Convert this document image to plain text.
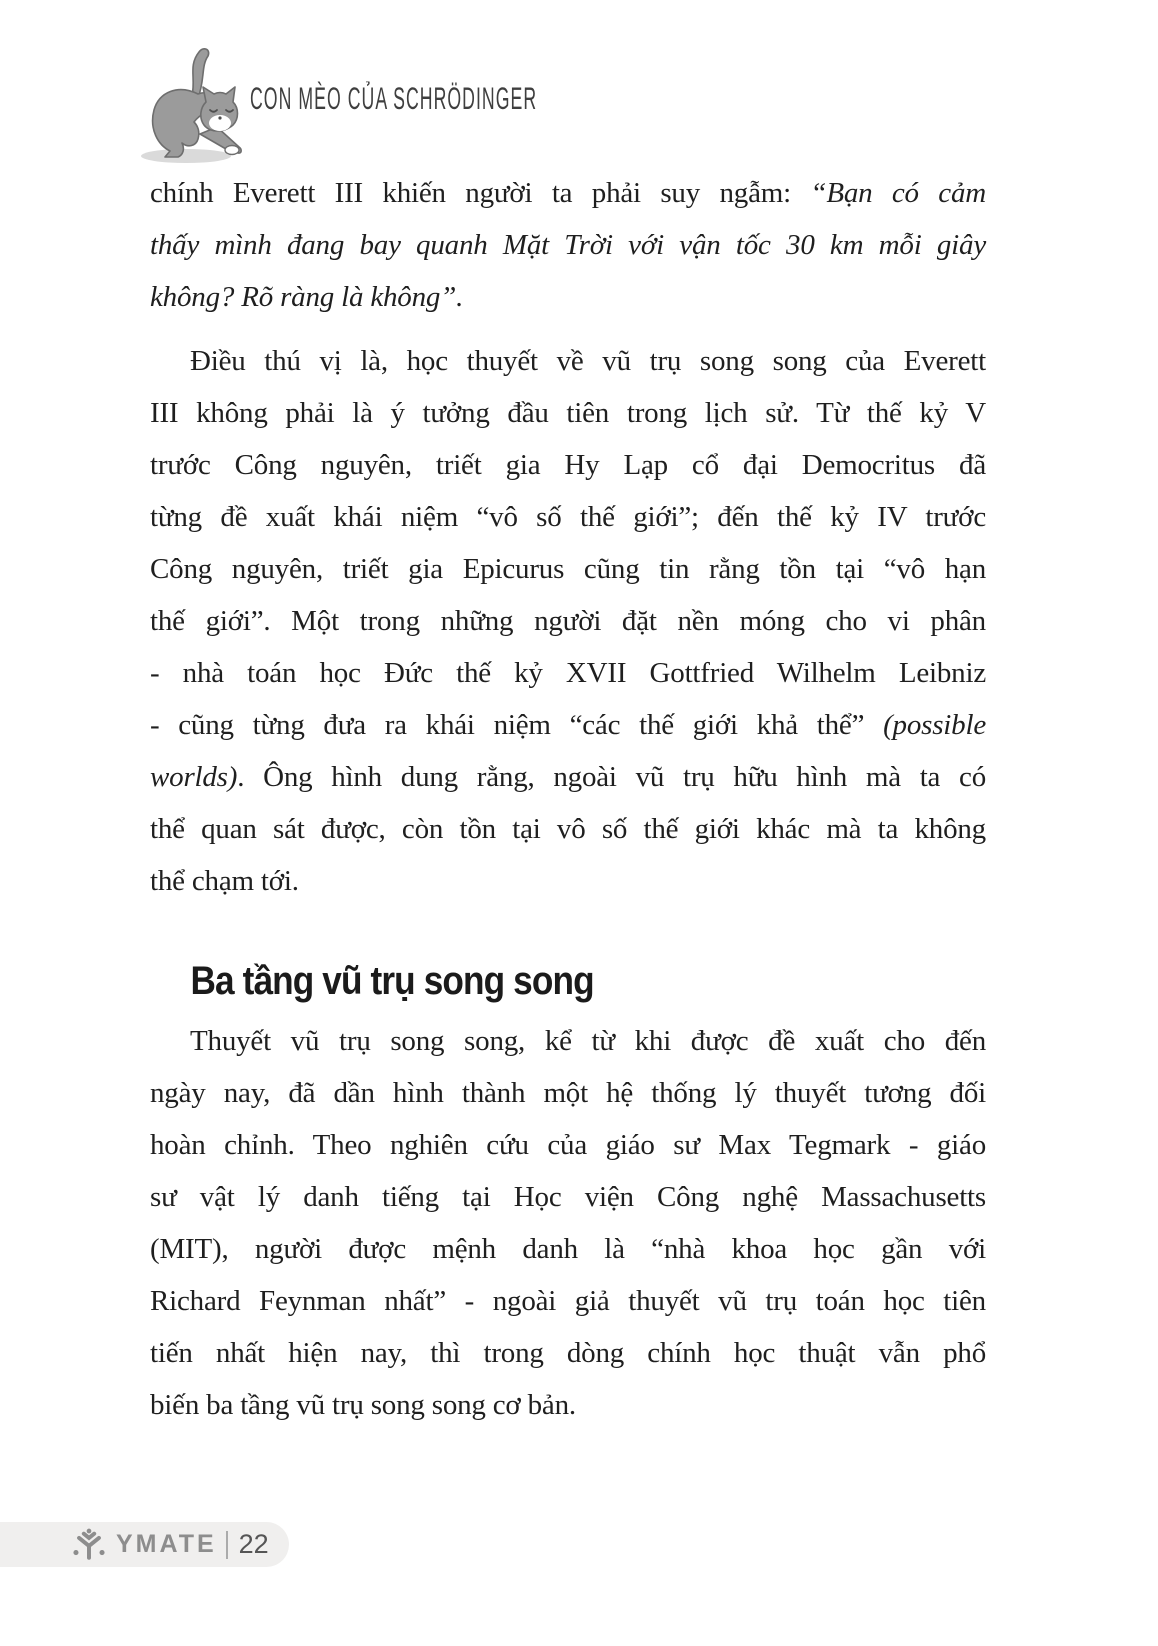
CON MÈO CỦA SCHRÖDINGER
chính Everett III khiến người ta phải suy ngẫm: “Bạn có cảm
thấy mình đang bay quanh Mặt Trời với vận tốc 30 km mỗi giây
không? Rõ ràng là không”.
Điều thú vị là, học thuyết về vũ trụ song song của Everett
III không phải là ý tưởng đầu tiên trong lịch sử. Từ thế kỷ V
trước Công nguyên, triết gia Hy Lạp cổ đại Democritus đã
từng đề xuất khái niệm “vô số thế giới”; đến thế kỷ IV trước
Công nguyên, triết gia Epicurus cũng tin rằng tồn tại “vô hạn
thế giới”. Một trong những người đặt nền móng cho vi phân
- nhà toán học Đức thế kỷ XVII Gottfried Wilhelm Leibniz
- cũng từng đưa ra khái niệm “các thế giới khả thể” (possible
worlds). Ông hình dung rằng, ngoài vũ trụ hữu hình mà ta có
thể quan sát được, còn tồn tại vô số thế giới khác mà ta không
thể chạm tới.
Ba tầng vũ trụ song song
Thuyết vũ trụ song song, kể từ khi được đề xuất cho đến
ngày nay, đã dần hình thành một hệ thống lý thuyết tương đối
hoàn chỉnh. Theo nghiên cứu của giáo sư Max Tegmark - giáo
sư vật lý danh tiếng tại Học viện Công nghệ Massachusetts
(MIT), người được mệnh danh là “nhà khoa học gần với
Richard Feynman nhất” - ngoài giả thuyết vũ trụ toán học tiên
tiến nhất hiện nay, thì trong dòng chính học thuật vẫn phổ
biến ba tầng vũ trụ song song cơ bản.
YMATE 22
